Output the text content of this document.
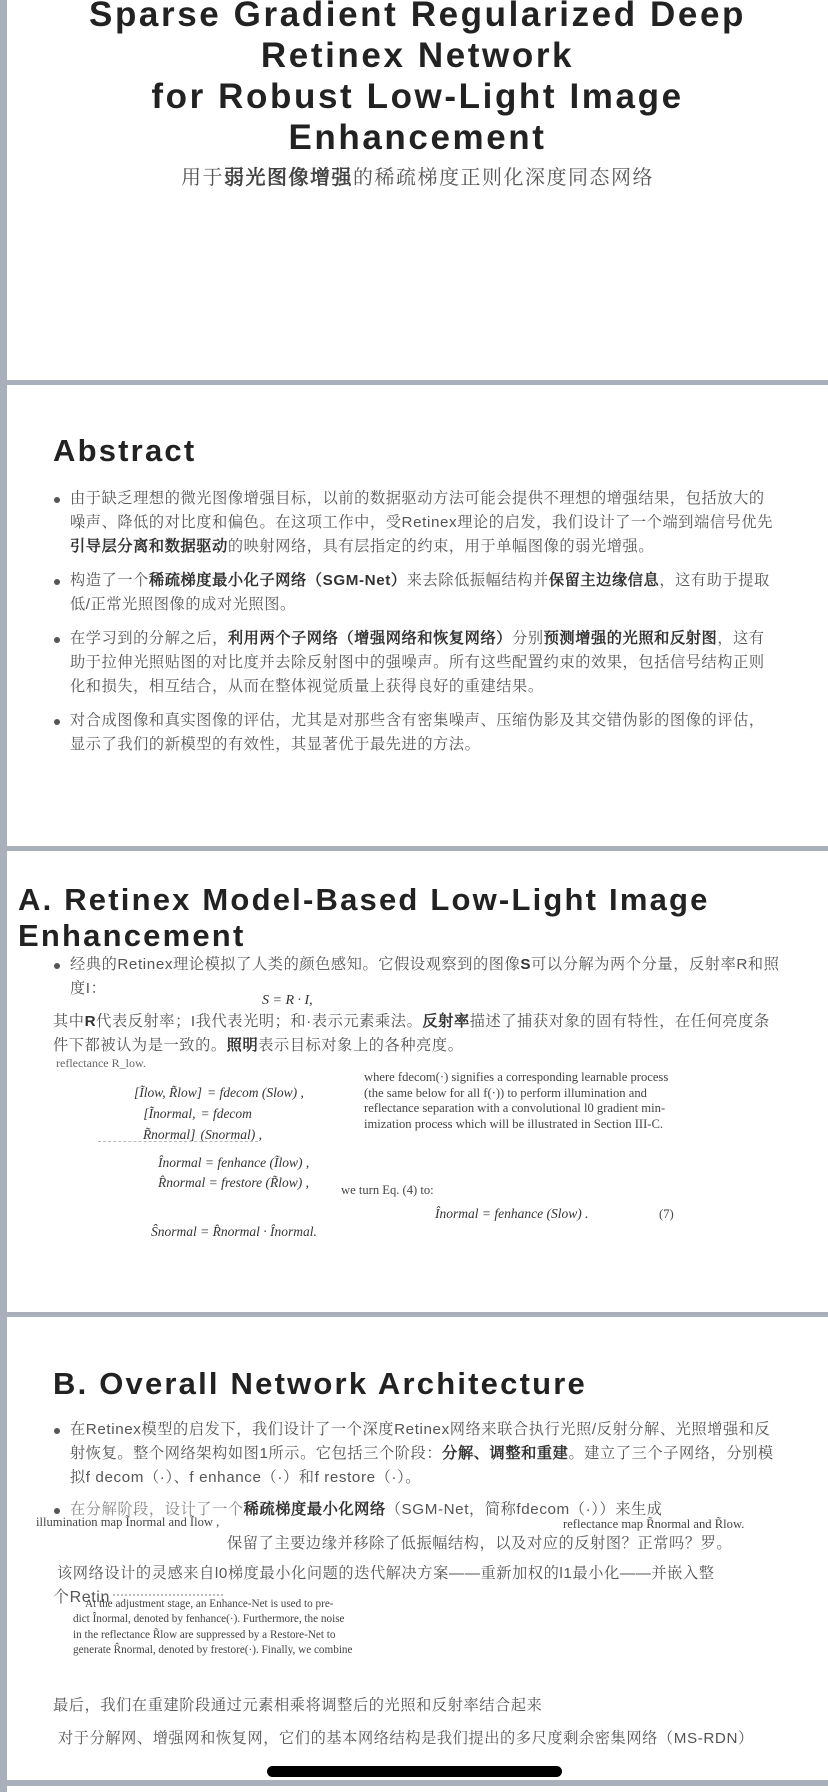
Sparse Gradient Regularized Deep
Retinex Network
for Robust Low-Light Image
Enhancement
用于弱光图像增强的稀疏梯度正则化深度同态网络
Abstract
由于缺乏理想的微光图像增强目标，以前的数据驱动方法可能会提供不理想的增强结果，包括放大的噪声、降低的对比度和偏色。在这项工作中，受Retinex理论的启发，我们设计了一个端到端信号优先引导层分离和数据驱动的映射网络，具有层指定的约束，用于单幅图像的弱光增强。
构造了一个稀疏梯度最小化子网络（SGM-Net）来去除低振幅结构并保留主边缘信息，这有助于提取低/正常光照图像的成对光照图。
在学习到的分解之后，利用两个子网络（增强网络和恢复网络）分别预测增强的光照和反射图，这有助于拉伸光照贴图的对比度并去除反射图中的强噪声。所有这些配置约束的效果，包括信号结构正则化和损失，相互结合，从而在整体视觉质量上获得良好的重建结果。
对合成图像和真实图像的评估，尤其是对那些含有密集噪声、压缩伪影及其交错伪影的图像的评估，显示了我们的新模型的有效性，其显著优于最先进的方法。
A. Retinex Model-Based Low-Light Image
Enhancement
经典的Retinex理论模拟了人类的颜色感知。它假设观察到的图像S可以分解为两个分量，反射率R和照度I：
S = R · I,
其中R代表反射率；I我代表光明；和·表示元素乘法。反射率描述了捕获对象的固有特性，在任何亮度条件下都被认为是一致的。照明表示目标对象上的各种亮度。
reflectance R_low.
[Ĩlow, R̃low] = fdecom (Slow) ,
[Ĩnormal, R̃normal]
= fdecom (Snormal) ,
Înormal = fenhance (Ĩlow) ,
R̂normal = frestore (R̃low) ,
Ŝnormal = R̂normal · Înormal.
where fdecom(·) signifies a corresponding learnable process
(the same below for all f(·)) to perform illumination and
reflectance separation with a convolutional l0 gradient min-
imization process which will be illustrated in Section III-C.
we turn Eq. (4) to:
Înormal = fenhance (Slow) .	(7)
B. Overall Network Architecture
在Retinex模型的启发下，我们设计了一个深度Retinex网络来联合执行光照/反射分解、光照增强和反射恢复。整个网络架构如图1所示。它包括三个阶段：分解、调整和重建。建立了三个子网络，分别模拟f decom（·）、f enhance（·）和f restore（·）。
在分解阶段，设计了一个稀疏梯度最小化网络（SGM-Net，简称fdecom（·））来生成
illumination map Ĩnormal and Ĩlow ,	reflectance map R̃normal and R̃low.
保留了主要边缘并移除了低振幅结构，以及对应的反射图？正常吗？罗。
该网络设计的灵感来自l0梯度最小化问题的迭代解决方案——重新加权的l1最小化——并嵌入整
个Retin
At the adjustment stage, an Enhance-Net is used to pre-
dict Înormal, denoted by fenhance(·). Furthermore, the noise
in the reflectance R̃low are suppressed by a Restore-Net to
generate R̂normal, denoted by frestore(·). Finally, we combine
最后，我们在重建阶段通过元素相乘将调整后的光照和反射率结合起来
对于分解网、增强网和恢复网，它们的基本网络结构是我们提出的多尺度剩余密集网络（MS-RDN）
